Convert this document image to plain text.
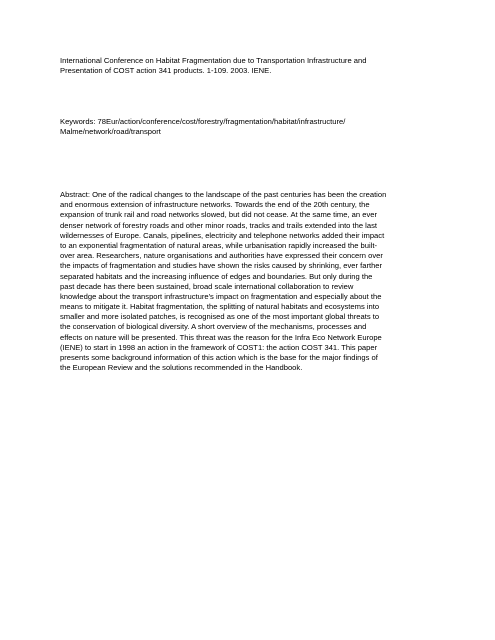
International Conference on Habitat Fragmentation due to Transportation Infrastructure and
Presentation of COST action 341 products. 1-109. 2003. IENE.
Keywords: 78Eur/action/conference/cost/forestry/fragmentation/habitat/infrastructure/
Malme/network/road/transport
Abstract: One of the radical changes to the landscape of the past centuries has been the creation
and enormous extension of infrastructure networks. Towards the end of the 20th century, the
expansion of trunk rail and road networks slowed, but did not cease. At the same time, an ever
denser network of forestry roads and other minor roads, tracks and trails extended into the last
wildernesses of Europe. Canals, pipelines, electricity and telephone networks added their impact
to an exponential fragmentation of natural areas, while urbanisation rapidly increased the built-
over area. Researchers, nature organisations and authorities have expressed their concern over
the impacts of fragmentation and studies have shown the risks caused by shrinking, ever farther
separated habitats and the increasing influence of edges and boundaries. But only during the
past decade has there been sustained, broad scale international collaboration to review
knowledge about the transport infrastructure's impact on fragmentation and especially about the
means to mitigate it. Habitat fragmentation, the splitting of natural habitats and ecosystems into
smaller and more isolated patches, is recognised as one of the most important global threats to
the conservation of biological diversity. A short overview of the mechanisms, processes and
effects on nature will be presented. This threat was the reason for the Infra Eco Network Europe
(IENE) to start in 1998 an action in the framework of COST1: the action COST 341. This paper
presents some background information of this action which is the base for the major findings of
the European Review and the solutions recommended in the Handbook.
